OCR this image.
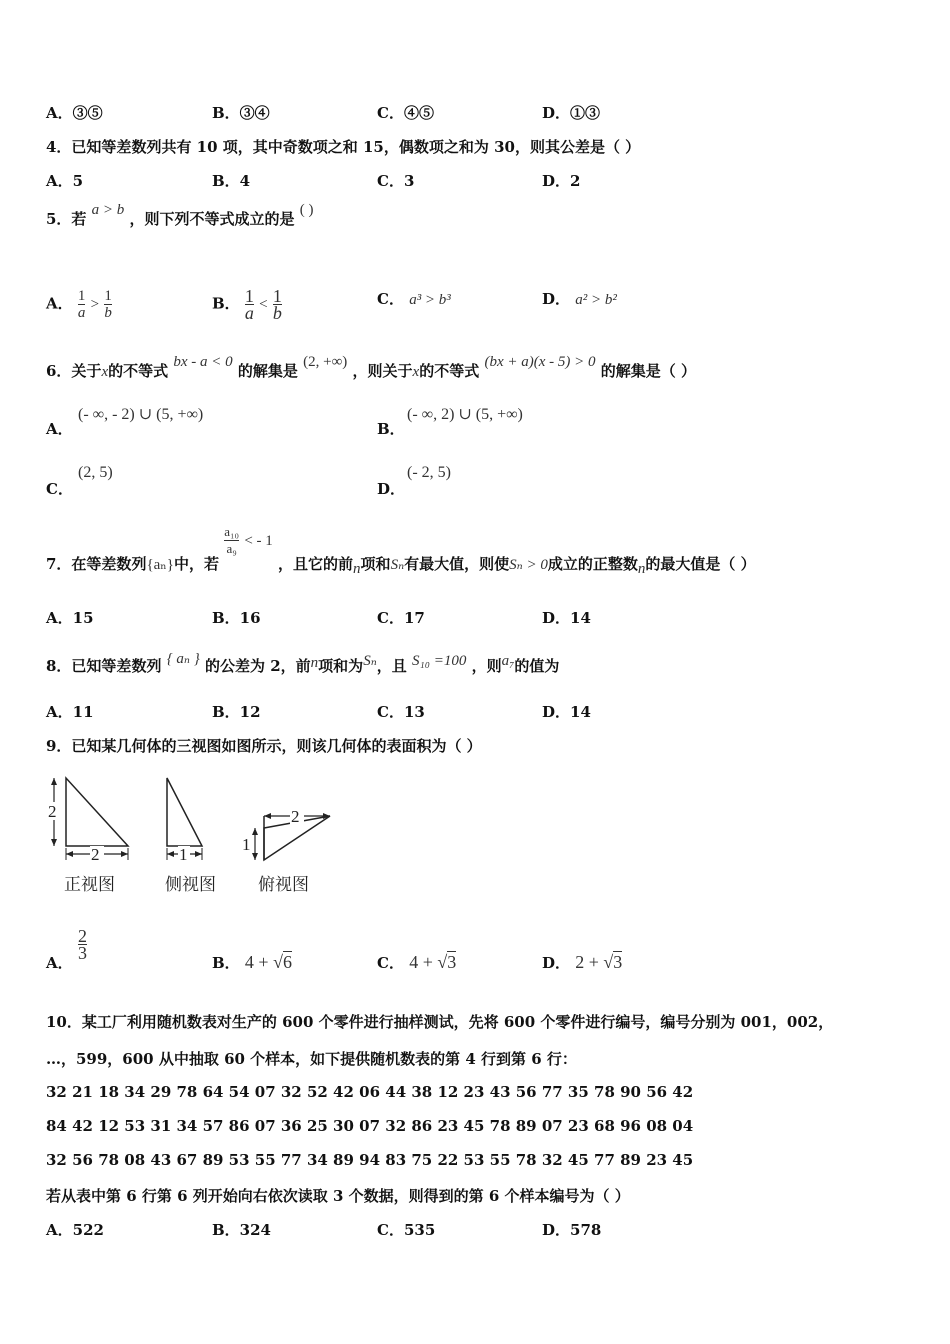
A．③⑤	B．③④	C．④⑤	D．①③
4．已知等差数列共有 10 项，其中奇数项之和 15，偶数项之和为 30，则其公差是（ ）
A．5	B．4	C．3	D．2
5．若 a > b ，则下列不等式成立的是 ( )
A． $\frac{1}{a} > \frac{1}{b}$	B． $\frac{1}{a} < \frac{1}{b}$	C． a³ > b³	D． a² > b²
6．关于x的不等式 bx - a < 0 的解集是 (2, +∞) ，则关于x的不等式 (bx + a)(x - 5) > 0 的解集是（ ）
A．
(- ∞, - 2) ∪ (5, +∞)
B．
(- ∞, 2) ∪ (5, +∞)
C．
(2, 5)
D．
(- 2, 5)
7．在等差数列{aₙ}中，若
$\frac{\text{a₁₀}}{\text{a₉}}$ < - 1 ，且它的前n项和Sₙ有最大值，则使Sₙ > 0成立的正整数n的最大值是（ ）
A．15	B．16	C．17	D．14
8．已知等差数列 { aₙ } 的公差为 2，前n项和为Sₙ，且 S₁₀ =100 ，则a₇的值为
A．11	B．12	C．13	D．14
9．已知某几何体的三视图如图所示，则该几何体的表面积为（ ）
2
2
正视图
1
侧视图
2
1
俯视图
A．
$\frac{2}{3}$
B． 4 + √6	C． 4 + √3	D． 2 + √3
10．某工厂利用随机数表对生产的 600 个零件进行抽样测试，先将 600 个零件进行编号，编号分别为 001，002，
…，599，600 从中抽取 60 个样本，如下提供随机数表的第 4 行到第 6 行：
32 21 18 34 29 78 64 54 07 32 52 42 06 44 38 12 23 43 56 77 35 78 90 56 42
84 42 12 53 31 34 57 86 07 36 25 30 07 32 86 23 45 78 89 07 23 68 96 08 04
32 56 78 08 43 67 89 53 55 77 34 89 94 83 75 22 53 55 78 32 45 77 89 23 45
若从表中第 6 行第 6 列开始向右依次读取 3 个数据，则得到的第 6 个样本编号为（ ）
A．522	B．324	C．535	D．578
